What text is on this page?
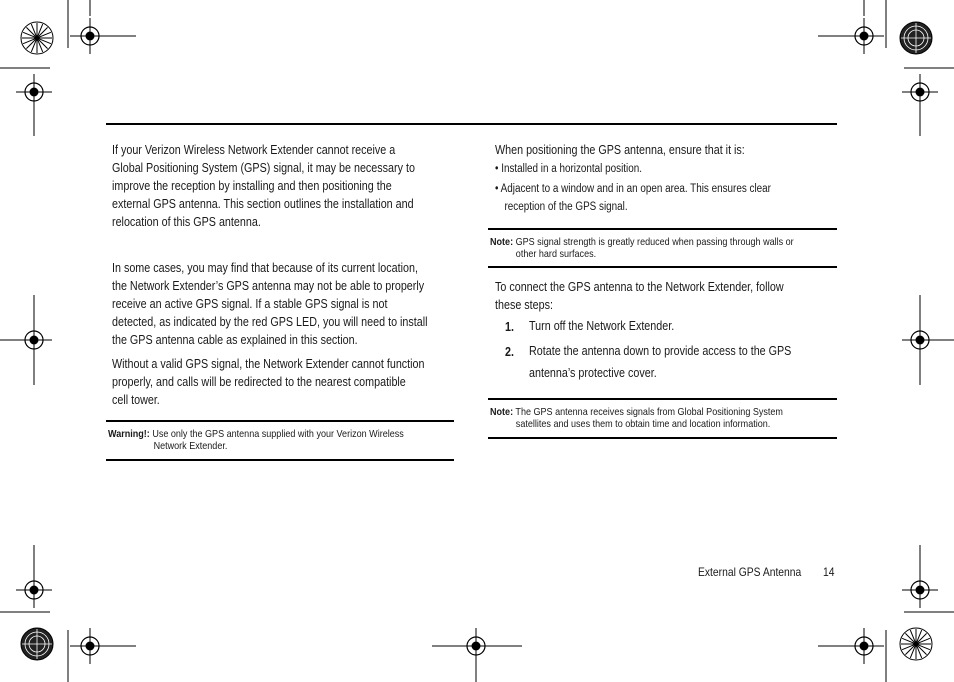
If your Verizon Wireless Network Extender cannot receive a
Global Positioning System (GPS) signal, it may be necessary to
improve the reception by installing and then positioning the
external GPS antenna. This section outlines the installation and
relocation of this GPS antenna.
In some cases, you may find that because of its current location,
the Network Extender’s GPS antenna may not be able to properly
receive an active GPS signal. If a stable GPS signal is not
detected, as indicated by the red GPS LED, you will need to install
the GPS antenna cable as explained in this section.
Without a valid GPS signal, the Network Extender cannot function
properly, and calls will be redirected to the nearest compatible
cell tower.
Warning!: Use only the GPS antenna supplied with your Verizon Wireless
Network Extender.
When positioning the GPS antenna, ensure that it is:
• Installed in a horizontal position.
• Adjacent to a window and in an open area. This ensures clear
reception of the GPS signal.
Note: GPS signal strength is greatly reduced when passing through walls or
other hard surfaces.
To connect the GPS antenna to the Network Extender, follow
these steps:
1. Turn off the Network Extender.
2. Rotate the antenna down to provide access to the GPS
antenna’s protective cover.
Note: The GPS antenna receives signals from Global Positioning System
satellites and uses them to obtain time and location information.
External GPS Antenna 14
